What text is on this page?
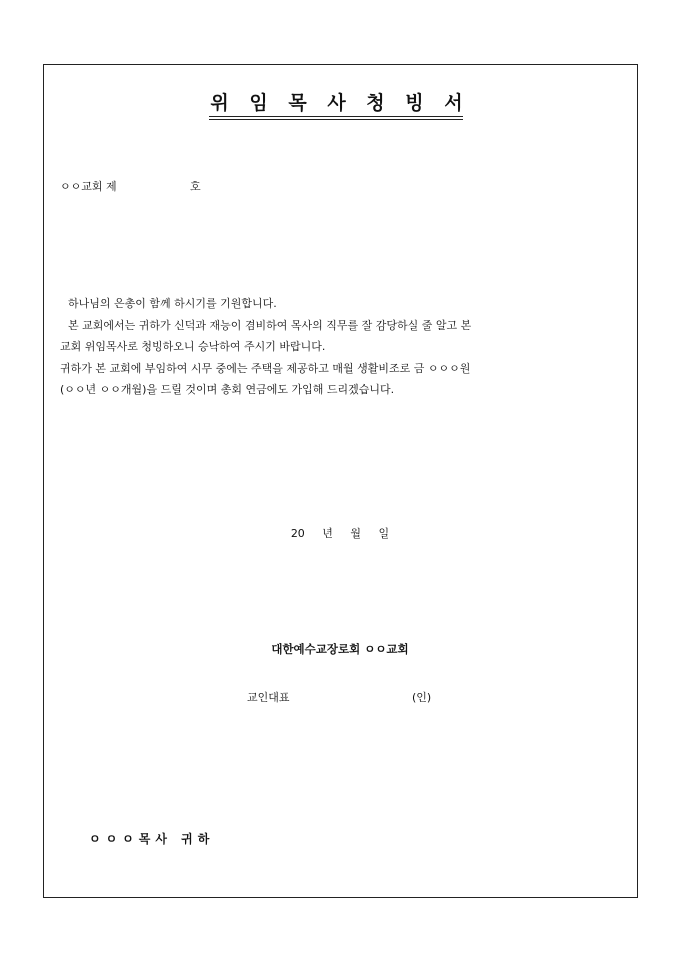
위 임 목 사 청 빙 서
ㅇㅇ교회 제	호

하나님의 은총이 함께 하시기를 기원합니다.

본 교회에서는 귀하가 신덕과 재능이 겸비하여 목사의 직무를 잘 감당하실 줄 알고 본

교회 위임목사로 청빙하오니 승낙하여 주시기 바랍니다.

귀하가 본 교회에 부임하여 시무 중에는 주택을 제공하고 매월 생활비조로 금 ㅇㅇㅇ원

(ㅇㅇ년 ㅇㅇ개월)을 드릴 것이며 총회 연금에도 가입해 드리겠습니다.

20 년 월 일
대한예수교장로회 ㅇㅇ교회
교인대표	(인)
ㅇㅇㅇ목사 귀하
